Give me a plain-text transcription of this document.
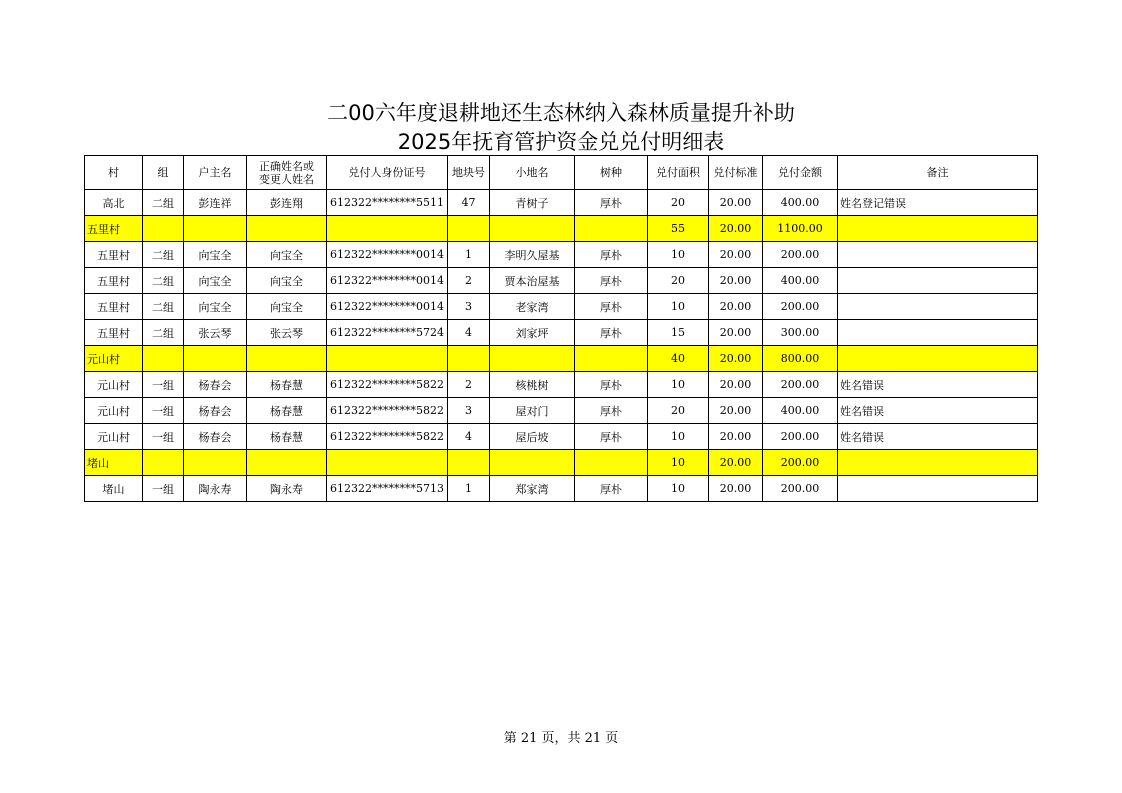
二00六年度退耕地还生态林纳入森林质量提升补助
2025年抚育管护资金兑兑付明细表
村	组	户主名	正确姓名或变更人姓名	兑付人身份证号	地块号	小地名	树种	兑付面积	兑付标准	兑付金额	备注
高北	二组	彭连祥	彭连翔	612322********5511	47	青树子	厚朴	20	20.00	400.00	姓名登记错误
五里村								55	20.00	1100.00	
五里村	二组	向宝全	向宝全	612322********0014	1	李明久屋基	厚朴	10	20.00	200.00	
五里村	二组	向宝全	向宝全	612322********0014	2	贾本治屋基	厚朴	20	20.00	400.00	
五里村	二组	向宝全	向宝全	612322********0014	3	老家湾	厚朴	10	20.00	200.00	
五里村	二组	张云琴	张云琴	612322********5724	4	刘家坪	厚朴	15	20.00	300.00	
元山村								40	20.00	800.00	
元山村	一组	杨春会	杨春慧	612322********5822	2	核桃树	厚朴	10	20.00	200.00	姓名错误
元山村	一组	杨春会	杨春慧	612322********5822	3	屋对门	厚朴	20	20.00	400.00	姓名错误
元山村	一组	杨春会	杨春慧	612322********5822	4	屋后坡	厚朴	10	20.00	200.00	姓名错误
堵山								10	20.00	200.00	
堵山	一组	陶永寿	陶永寿	612322********5713	1	郑家湾	厚朴	10	20.00	200.00	
第 21 页，共 21 页
